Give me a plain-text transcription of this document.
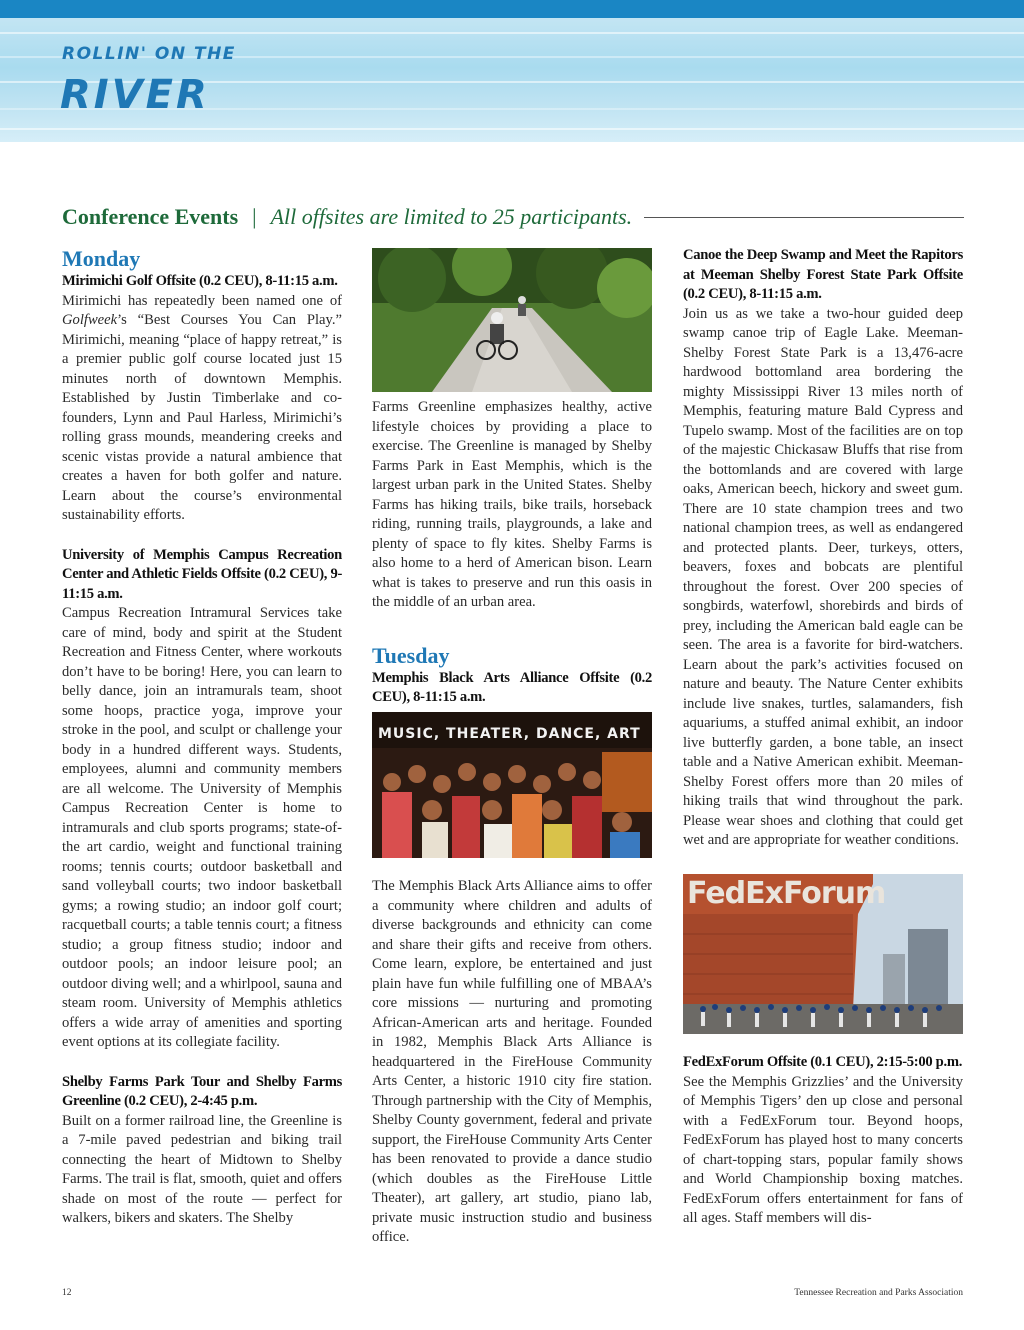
ROLLIN' ON THE
RIVER
Conference Events | All offsites are limited to 25 participants.
Monday

Mirimichi Golf Offsite (0.2 CEU), 8-11:15 a.m.

Mirimichi has repeatedly been named one of Golfweek’s “Best Courses You Can Play.” Mirimichi, meaning “place of happy retreat,” is a premier public golf course located just 15 minutes north of downtown Memphis. Established by Justin Timberlake and co-founders, Lynn and Paul Harless, Mirimichi’s rolling grass mounds, meandering creeks and scenic vistas provide a natural ambience that creates a haven for both golfer and nature. Learn about the course’s environmental sustainability efforts.

University of Memphis Campus Recreation Center and Athletic Fields Offsite (0.2 CEU), 9-11:15 a.m.

Campus Recreation Intramural Services take care of mind, body and spirit at the Student Recreation and Fitness Center, where workouts don’t have to be boring! Here, you can learn to belly dance, join an intramurals team, shoot some hoops, practice yoga, improve your stroke in the pool, and sculpt or challenge your body in a hundred different ways. Students, employees, alumni and community members are all welcome. The University of Memphis Campus Recreation Center is home to intramurals and club sports programs; state-of-the art cardio, weight and functional training rooms; tennis courts; outdoor basketball and sand volleyball courts; two indoor basketball gyms; a rowing studio; an indoor golf court; racquetball courts; a table tennis court; a fitness studio; a group fitness studio; indoor and outdoor pools; an indoor leisure pool; an outdoor diving well; and a whirlpool, sauna and steam room. University of Memphis athletics offers a wide array of amenities and sporting event options at its collegiate facility.

Shelby Farms Park Tour and Shelby Farms Greenline (0.2 CEU), 2-4:45 p.m.

Built on a former railroad line, the Greenline is a 7-mile paved pedestrian and biking trail connecting the heart of Midtown to Shelby Farms. The trail is flat, smooth, quiet and offers shade on most of the route — perfect for walkers, bikers and skaters. The Shelby

Farms Greenline emphasizes healthy, active lifestyle choices by providing a place to exercise. The Greenline is managed by Shelby Farms Park in East Memphis, which is the largest urban park in the United States. Shelby Farms has hiking trails, bike trails, horseback riding, running trails, playgrounds, a lake and plenty of space to fly kites. Shelby Farms is also home to a herd of American bison. Learn what is takes to preserve and run this oasis in the middle of an urban area.

Tuesday

Memphis Black Arts Alliance Offsite (0.2 CEU), 8-11:15 a.m.

MUSIC, THEATER, DANCE, ART

The Memphis Black Arts Alliance aims to offer a community where children and adults of diverse backgrounds and ethnicity can come and share their gifts and receive from others. Come learn, explore, be entertained and just plain have fun while fulfilling one of MBAA’s core missions — nurturing and promoting African-American arts and heritage. Founded in 1982, Memphis Black Arts Alliance is headquartered in the FireHouse Community Arts Center, a historic 1910 city fire station. Through partnership with the City of Memphis, Shelby County government, federal and private support, the FireHouse Community Arts Center has been renovated to provide a dance studio (which doubles as the FireHouse Little Theater), art gallery, art studio, piano lab, private music instruction studio and business office.

Canoe the Deep Swamp and Meet the Rapitors at Meeman Shelby Forest State Park Offsite (0.2 CEU), 8-11:15 a.m.

Join us as we take a two-hour guided deep swamp canoe trip of Eagle Lake. Meeman-Shelby Forest State Park is a 13,476-acre hardwood bottomland area bordering the mighty Mississippi River 13 miles north of Memphis, featuring mature Bald Cypress and Tupelo swamp. Most of the facilities are on top of the majestic Chickasaw Bluffs that rise from the bottomlands and are covered with large oaks, American beech, hickory and sweet gum. There are 10 state champion trees and two national champion trees, as well as endangered and protected plants. Deer, turkeys, otters, beavers, foxes and bobcats are plentiful throughout the forest. Over 200 species of songbirds, waterfowl, shorebirds and birds of prey, including the American bald eagle can be seen. The area is a favorite for bird-watchers. Learn about the park’s activities focused on nature and beauty. The Nature Center exhibits include live snakes, turtles, salamanders, fish aquariums, a stuffed animal exhibit, an indoor live butterfly garden, a bone table, an insect table and a Native American exhibit. Meeman-Shelby Forest offers more than 20 miles of hiking trails that wind throughout the park. Please wear shoes and clothing that could get wet and are appropriate for weather conditions.

FedExForum

FedExForum Offsite (0.1 CEU), 2:15-5:00 p.m.

See the Memphis Grizzlies’ and the University of Memphis Tigers’ den up close and personal with a FedExForum tour. Beyond hoops, FedExForum has played host to many concerts of chart-topping stars, popular family shows and World Championship boxing matches. FedExForum offers entertainment for fans of all ages. Staff members will dis-

12	Tennessee Recreation and Parks Association
